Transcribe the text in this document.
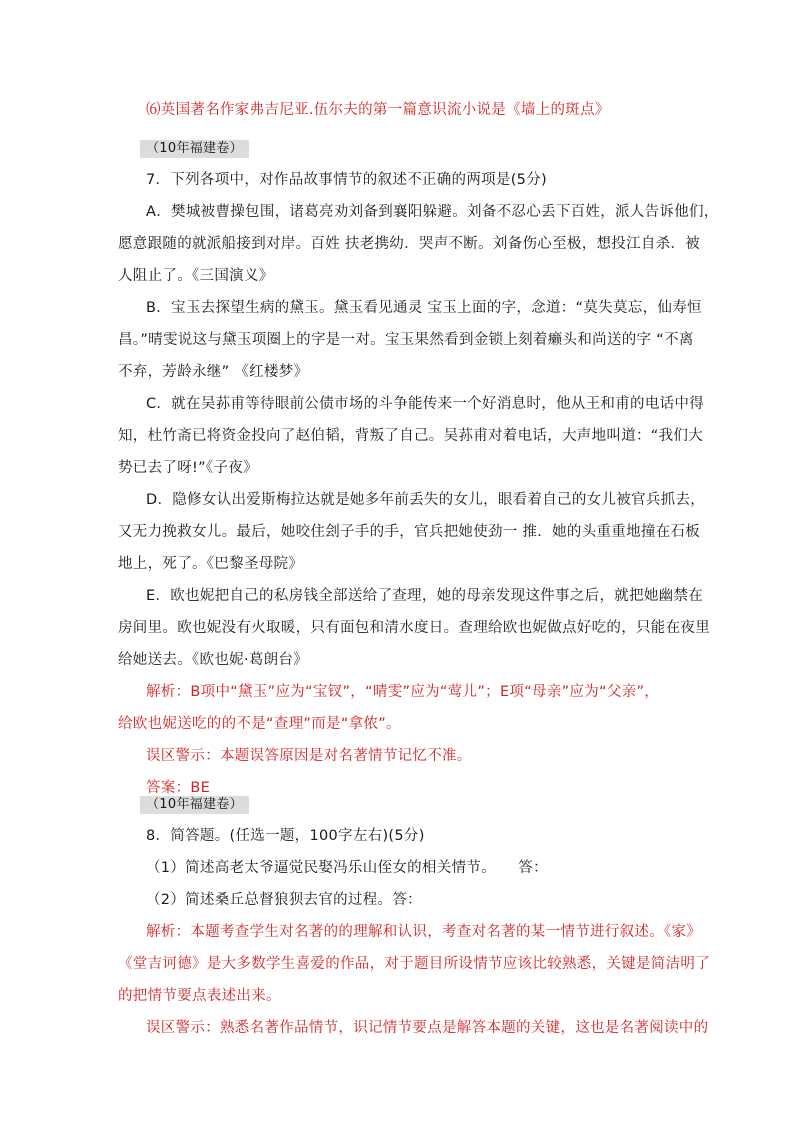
⑹英国著名作家弗吉尼亚.伍尔夫的第一篇意识流小说是《墙上的斑点》
（10年福建卷）
7．下列各项中，对作品故事情节的叙述不正确的两项是(5分)
A．樊城被曹操包围，诸葛亮劝刘备到襄阳躲避。刘备不忍心丢下百姓，派人告诉他们，
愿意跟随的就派船接到对岸。百姓 扶老携幼．哭声不断。刘备伤心至极，想投江自杀．被
人阻止了。《三国演义》
B．宝玉去探望生病的黛玉。黛玉看见通灵 宝玉上面的字，念道：“莫失莫忘，仙寿恒
昌。”晴雯说这与黛玉项圈上的字是一对。宝玉果然看到金锁上刻着癞头和尚送的字 “不离
不弃，芳龄永继” 《红楼梦》
C．就在吴荪甫等待眼前公债市场的斗争能传来一个好消息时，他从王和甫的电话中得
知，杜竹斋已将资金投向了赵伯韬，背叛了自己。吴荪甫对着电话，大声地叫道：“我们大
势已去了呀!”《子夜》
D．隐修女认出爱斯梅拉达就是她多年前丢失的女儿，眼看着自己的女儿被官兵抓去，
又无力挽救女儿。最后，她咬住刽子手的手，官兵把她使劲一 推．她的头重重地撞在石板
地上，死了。《巴黎圣母院》
E．欧也妮把自己的私房钱全部送给了查理，她的母亲发现这件事之后，就把她幽禁在
房间里。欧也妮没有火取暖，只有面包和清水度日。查理给欧也妮做点好吃的，只能在夜里
给她送去。《欧也妮·葛朗台》
解析：B项中“黛玉”应为“宝钗”，“晴雯”应为“莺儿”；E项“母亲”应为“父亲”，
给欧也妮送吃的的不是“查理”而是“拿侬”。
误区警示：本题误答原因是对名著情节记忆不准。
答案：BE
（10年福建卷）
8．简答题。(任选一题，100字左右)(5分)
（1）简述高老太爷逼觉民娶冯乐山侄女的相关情节。　　答：
（2）简述桑丘总督狼狈去官的过程。答：
解析：本题考查学生对名著的的理解和认识，考查对名著的某一情节进行叙述。《家》
《堂吉诃德》是大多数学生喜爱的作品，对于题目所设情节应该比较熟悉，关键是简洁明了
的把情节要点表述出来。
误区警示：熟悉名著作品情节，识记情节要点是解答本题的关键，这也是名著阅读中的
